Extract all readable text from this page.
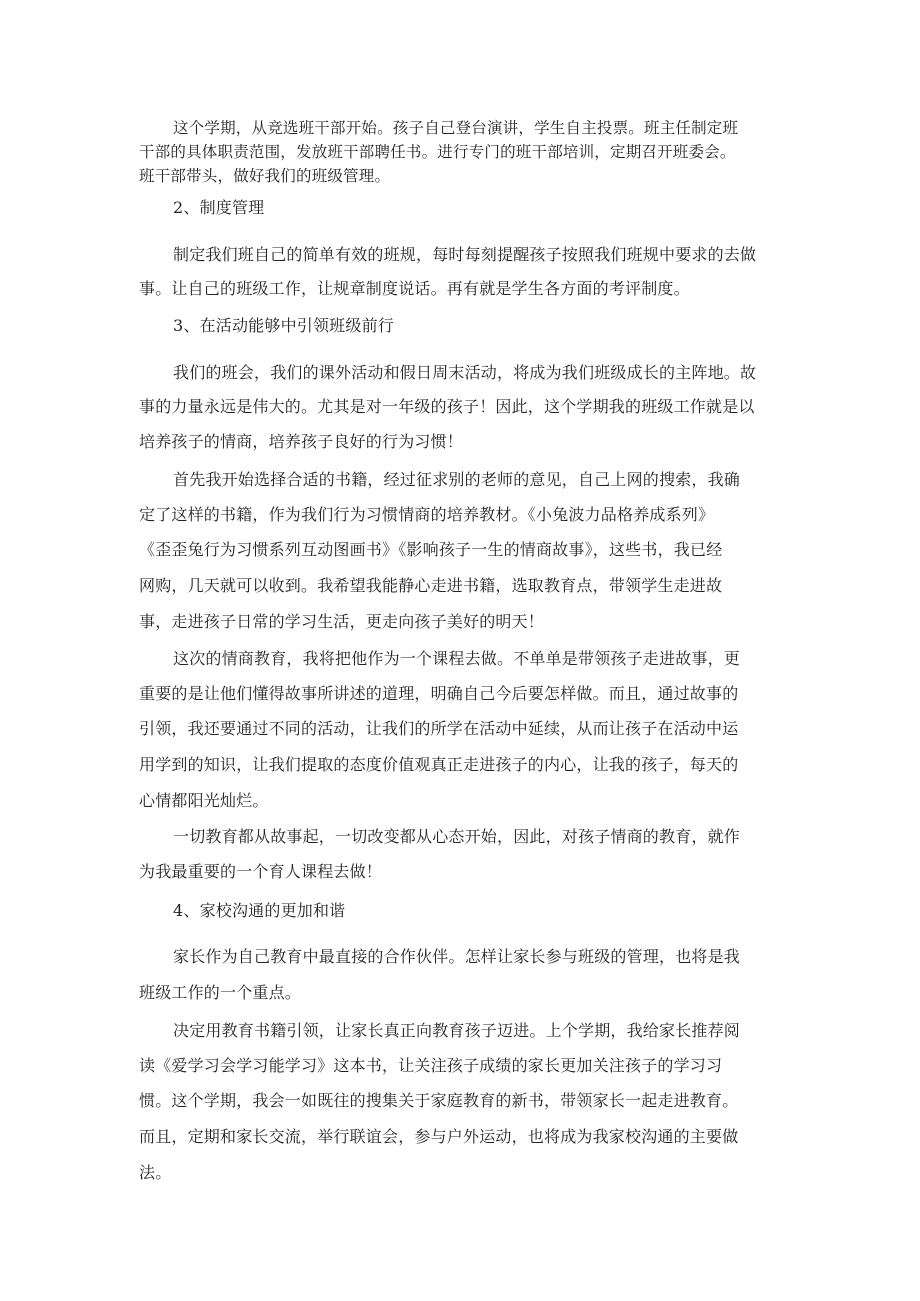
这个学期，从竞选班干部开始。孩子自己登台演讲，学生自主投票。班主任制定班
干部的具体职责范围，发放班干部聘任书。进行专门的班干部培训，定期召开班委会。
班干部带头，做好我们的班级管理。
2、制度管理
制定我们班自己的简单有效的班规，每时每刻提醒孩子按照我们班规中要求的去做
事。让自己的班级工作，让规章制度说话。再有就是学生各方面的考评制度。
3、在活动能够中引领班级前行
我们的班会，我们的课外活动和假日周末活动，将成为我们班级成长的主阵地。故
事的力量永远是伟大的。尤其是对一年级的孩子！因此，这个学期我的班级工作就是以
培养孩子的情商，培养孩子良好的行为习惯！
首先我开始选择合适的书籍，经过征求别的老师的意见，自己上网的搜索，我确
定了这样的书籍，作为我们行为习惯情商的培养教材。《小兔波力品格养成系列》
《歪歪兔行为习惯系列互动图画书》《影响孩子一生的情商故事》，这些书，我已经
网购，几天就可以收到。我希望我能静心走进书籍，选取教育点，带领学生走进故
事，走进孩子日常的学习生活，更走向孩子美好的明天！
这次的情商教育，我将把他作为一个课程去做。不单单是带领孩子走进故事，更
重要的是让他们懂得故事所讲述的道理，明确自己今后要怎样做。而且，通过故事的
引领，我还要通过不同的活动，让我们的所学在活动中延续，从而让孩子在活动中运
用学到的知识，让我们提取的态度价值观真正走进孩子的内心，让我的孩子，每天的
心情都阳光灿烂。
一切教育都从故事起，一切改变都从心态开始，因此，对孩子情商的教育，就作
为我最重要的一个育人课程去做！
4、家校沟通的更加和谐
家长作为自己教育中最直接的合作伙伴。怎样让家长参与班级的管理，也将是我
班级工作的一个重点。
决定用教育书籍引领，让家长真正向教育孩子迈进。上个学期，我给家长推荐阅
读《爱学习会学习能学习》这本书，让关注孩子成绩的家长更加关注孩子的学习习
惯。这个学期，我会一如既往的搜集关于家庭教育的新书，带领家长一起走进教育。
而且，定期和家长交流，举行联谊会，参与户外运动，也将成为我家校沟通的主要做
法。
